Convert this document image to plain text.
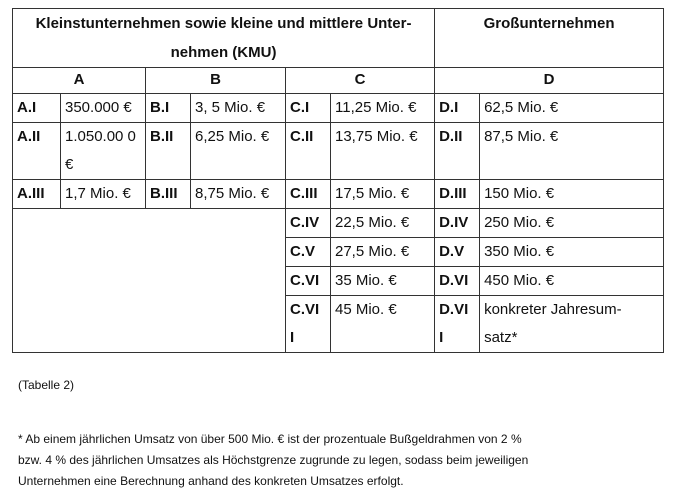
Kleinstunternehmen sowie kleine und mittlere Unter-
nehmen (KMU)						Großunternehmen	
A		B		C		D	
A.I	350.000 €	B.I	3, 5 Mio. €	C.I	11,25 Mio. €	D.I	62,5 Mio. €
A.II	1.050.00 0 €	B.II	6,25 Mio. €	C.II	13,75 Mio. €	D.II	87,5 Mio. €
A.III	1,7 Mio. €	B.III	8,75 Mio. €	C.III	17,5 Mio. €	D.III	150 Mio. €
				C.IV	22,5 Mio. €	D.IV	250 Mio. €
				C.V	27,5 Mio. €	D.V	350 Mio. €
				C.VI	35 Mio. €	D.VI	450 Mio. €
				C.VI I	45 Mio. €	D.VI I	konkreter Jahresum- satz*
(Tabelle 2)
* Ab einem jährlichen Umsatz von über 500 Mio. € ist der prozentuale Bußgeldrahmen von 2 %
bzw. 4 % des jährlichen Umsatzes als Höchstgrenze zugrunde zu legen, sodass beim jeweiligen
Unternehmen eine Berechnung anhand des konkreten Umsatzes erfolgt.
